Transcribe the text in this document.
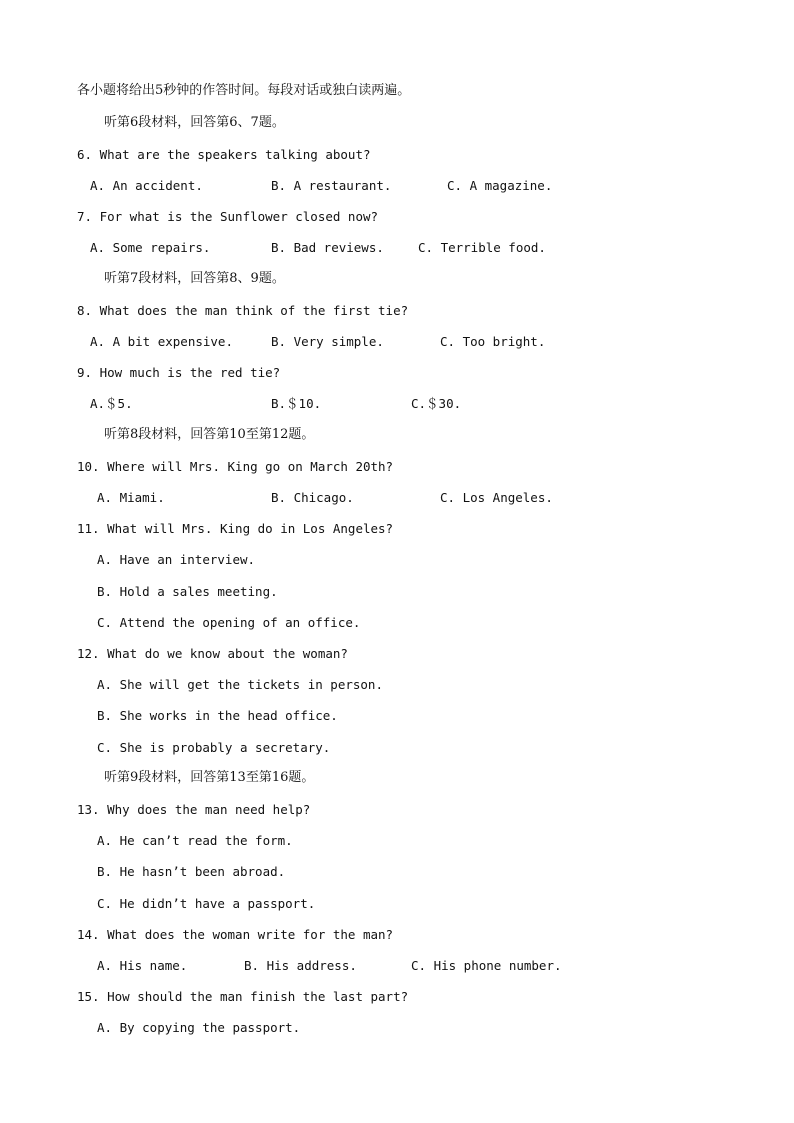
各小题将给出5秒钟的作答时间。每段对话或独白读两遍。
听第6段材料，回答第6、7题。
6. What are the speakers talking about?
A. An accident.	B. A restaurant.	C. A magazine.
7. For what is the Sunflower closed now?
A. Some repairs.	B. Bad reviews.	C. Terrible food.
听第7段材料，回答第8、9题。
8. What does the man think of the first tie?
A. A bit expensive.	B. Very simple.	C. Too bright.
9. How much is the red tie?
A.＄5.	B.＄10.	C.＄30.
听第8段材料，回答第10至第12题。
10. Where will Mrs. King go on March 20th?
A. Miami.	B. Chicago.	C. Los Angeles.
11. What will Mrs. King do in Los Angeles?
A. Have an interview.
B. Hold a sales meeting.
C. Attend the opening of an office.
12. What do we know about the woman?
A. She will get the tickets in person.
B. She works in the head office.
C. She is probably a secretary.
听第9段材料，回答第13至第16题。
13. Why does the man need help?
A. He can’t read the form.
B. He hasn’t been abroad.
C. He didn’t have a passport.
14. What does the woman write for the man?
A. His name.	B. His address.	C. His phone number.
15. How should the man finish the last part?
A. By copying the passport.
